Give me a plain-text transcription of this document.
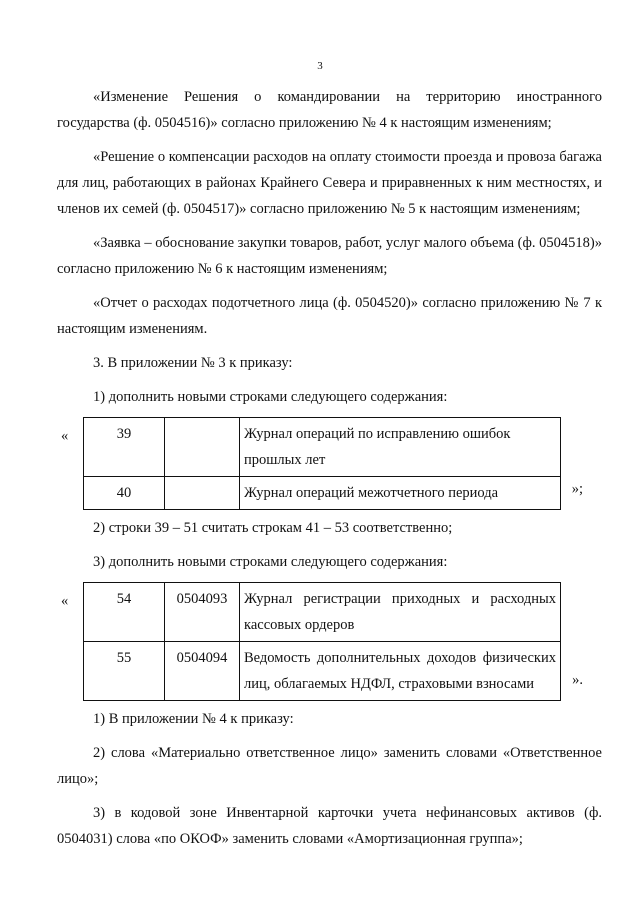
3

«Изменение Решения о командировании на территорию иностранного государства (ф. 0504516)» согласно приложению № 4 к настоящим изменениям;

«Решение о компенсации расходов на оплату стоимости проезда и провоза багажа для лиц, работающих в районах Крайнего Севера и приравненных к ним местностях, и членов их семей (ф. 0504517)» согласно приложению № 5 к настоящим изменениям;

«Заявка – обоснование закупки товаров, работ, услуг малого объема (ф. 0504518)» согласно приложению № 6 к настоящим изменениям;

«Отчет о расходах подотчетного лица (ф. 0504520)» согласно приложению № 7 к настоящим изменениям.

3. В приложении № 3 к приказу:

1) дополнить новыми строками следующего содержания:

«	39		Журнал операций по исправлению ошибок прошлых лет
40		Журнал операций межотчетного периода	»;

2) строки 39 – 51 считать строкам 41 – 53 соответственно;

3) дополнить новыми строками следующего содержания:

«	54	0504093	Журнал регистрации приходных и расходных кассовых ордеров
55	0504094	Ведомость дополнительных доходов физических лиц, облагаемых НДФЛ, страховыми взносами	».

1) В приложении № 4 к приказу:

2) слова «Материально ответственное лицо» заменить словами «Ответственное лицо»;

3) в кодовой зоне Инвентарной карточки учета нефинансовых активов (ф. 0504031) слова «по ОКОФ» заменить словами «Амортизационная группа»;
